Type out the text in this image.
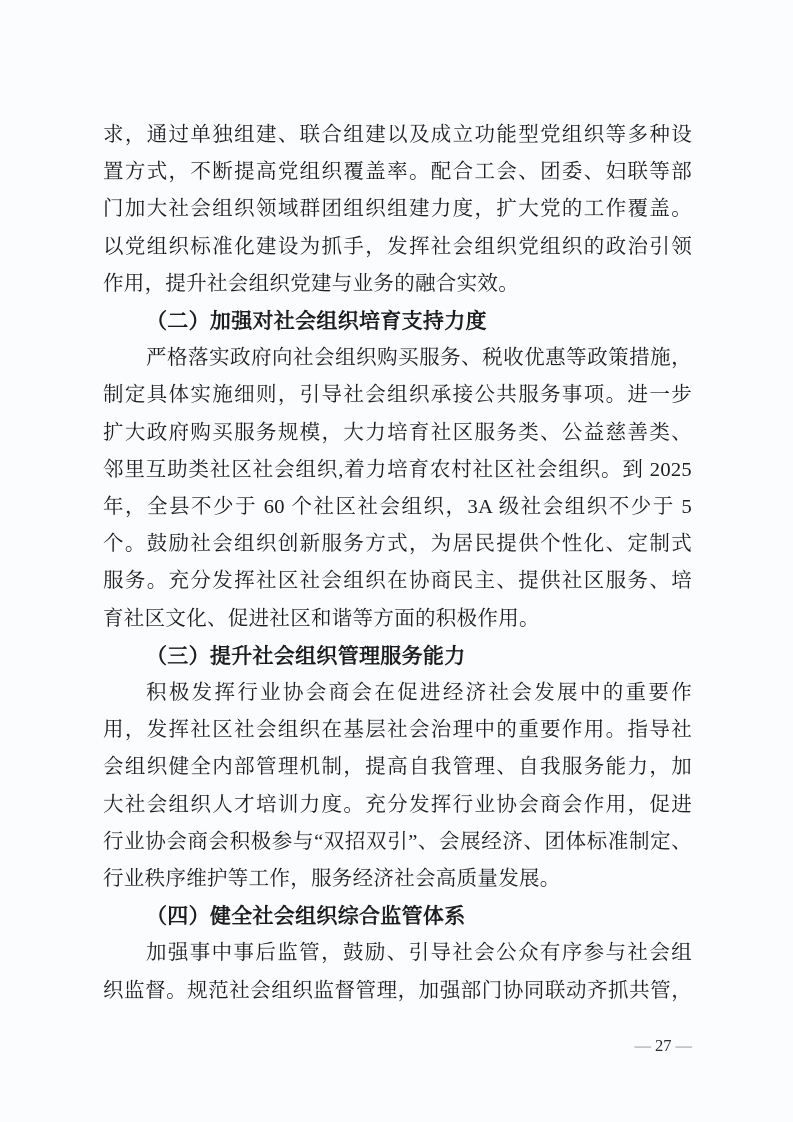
求，通过单独组建、联合组建以及成立功能型党组织等多种设
置方式，不断提高党组织覆盖率。配合工会、团委、妇联等部
门加大社会组织领域群团组织组建力度，扩大党的工作覆盖。
以党组织标准化建设为抓手，发挥社会组织党组织的政治引领
作用，提升社会组织党建与业务的融合实效。
（二）加强对社会组织培育支持力度
严格落实政府向社会组织购买服务、税收优惠等政策措施，
制定具体实施细则，引导社会组织承接公共服务事项。进一步
扩大政府购买服务规模，大力培育社区服务类、公益慈善类、
邻里互助类社区社会组织,着力培育农村社区社会组织。到 2025
年，全县不少于 60 个社区社会组织，3A 级社会组织不少于 5
个。鼓励社会组织创新服务方式，为居民提供个性化、定制式
服务。充分发挥社区社会组织在协商民主、提供社区服务、培
育社区文化、促进社区和谐等方面的积极作用。
（三）提升社会组织管理服务能力
积极发挥行业协会商会在促进经济社会发展中的重要作
用，发挥社区社会组织在基层社会治理中的重要作用。指导社
会组织健全内部管理机制，提高自我管理、自我服务能力，加
大社会组织人才培训力度。充分发挥行业协会商会作用，促进
行业协会商会积极参与“双招双引”、会展经济、团体标准制定、
行业秩序维护等工作，服务经济社会高质量发展。
（四）健全社会组织综合监管体系
加强事中事后监管，鼓励、引导社会公众有序参与社会组
织监督。规范社会组织监督管理，加强部门协同联动齐抓共管，
— 27 —
